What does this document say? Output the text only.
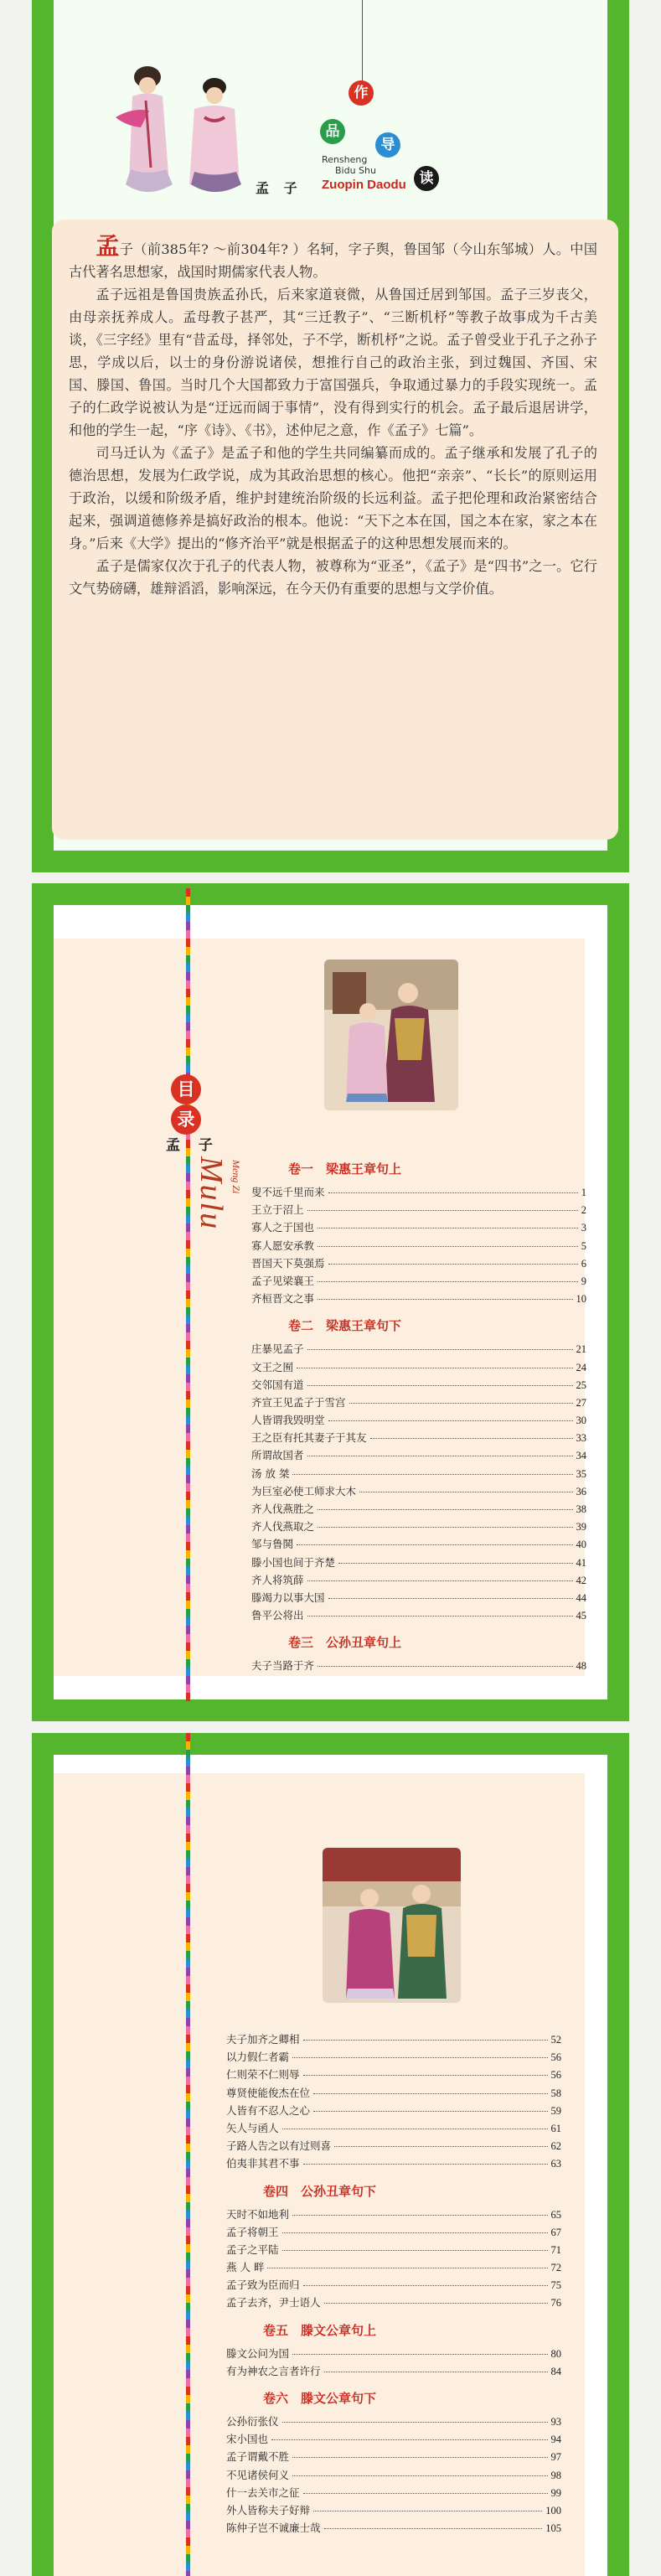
作
品
导
读
Rensheng
Bidu Shu
Zuopin Daodu
孟 子

孟子（前385年? ～前304年? ）名轲，字子舆，鲁国邹（今山东邹城）人。中国古代著名思想家，战国时期儒家代表人物。

孟子远祖是鲁国贵族孟孙氏，后来家道衰微，从鲁国迁居到邹国。孟子三岁丧父，由母亲抚养成人。孟母教子甚严，其“三迁教子”、“三断机杼”等教子故事成为千古美谈，《三字经》里有“昔孟母，择邻处，子不学，断机杼”之说。孟子曾受业于孔子之孙子思，学成以后，以士的身份游说诸侯，想推行自己的政治主张，到过魏国、齐国、宋国、滕国、鲁国。当时几个大国都致力于富国强兵，争取通过暴力的手段实现统一。孟子的仁政学说被认为是“迂远而阔于事情”，没有得到实行的机会。孟子最后退居讲学，和他的学生一起，“序《诗》、《书》，述仲尼之意，作《孟子》七篇”。

司马迁认为《孟子》是孟子和他的学生共同编纂而成的。孟子继承和发展了孔子的德治思想，发展为仁政学说，成为其政治思想的核心。他把“亲亲”、“长长”的原则运用于政治，以缓和阶级矛盾，维护封建统治阶级的长远利益。孟子把伦理和政治紧密结合起来，强调道德修养是搞好政治的根本。他说：“天下之本在国，国之本在家，家之本在身。”后来《大学》提出的“修齐治平”就是根据孟子的这种思想发展而来的。

孟子是儒家仅次于孔子的代表人物，被尊称为“亚圣”，《孟子》是“四书”之一。它行文气势磅礴，雄辩滔滔，影响深远，在今天仍有重要的思想与文学价值。

目
录
孟 子
Mulu Meng Zi	卷一　梁惠王章句上
叟不远千里而来	1
王立于沼上	2
寡人之于国也	3
寡人愿安承教	5
晋国天下莫强焉	6
孟子见梁襄王	9
齐桓晋文之事	10
卷二　梁惠王章句下
庄暴见孟子	21
文王之囿	24
交邻国有道	25
齐宣王见孟子于雪宫	27
人皆谓我毁明堂	30
王之臣有托其妻子于其友	33
所谓故国者	34
汤 放 桀	35
为巨室必使工师求大木	36
齐人伐燕胜之	38
齐人伐燕取之	39
邹与鲁鬨	40
滕小国也间于齐楚	41
齐人将筑薛	42
滕竭力以事大国	44
鲁平公将出	45
卷三　公孙丑章句上
夫子当路于齐	48
夫子加齐之卿相	52
以力假仁者霸	56
仁则荣不仁则辱	56
尊贤使能俊杰在位	58
人皆有不忍人之心	59
矢人与函人	61
子路人告之以有过则喜	62
伯夷非其君不事	63
卷四　公孙丑章句下
天时不如地利	65
孟子将朝王	67
孟子之平陆	71
燕 人 畔	72
孟子致为臣而归	75
孟子去齐，尹士语人	76
卷五　滕文公章句上
滕文公问为国	80
有为神农之言者许行	84
卷六　滕文公章句下
公孙衍张仪	93
宋小国也	94
孟子谓戴不胜	97
不见诸侯何义	98
什一去关市之征	99
外人皆称夫子好辩	100
陈仲子岂不诚廉士哉	105
